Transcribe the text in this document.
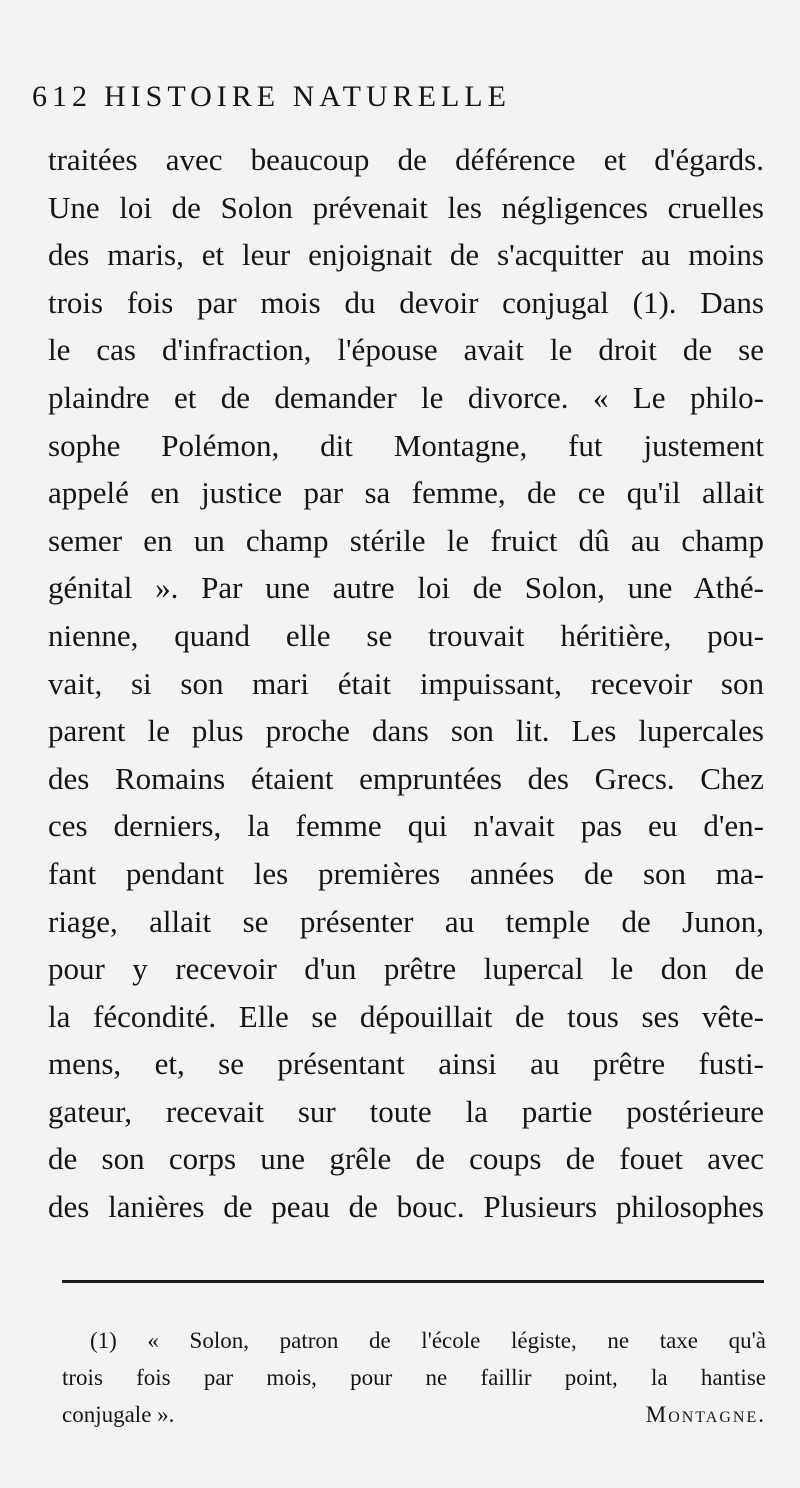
612 HISTOIRE NATURELLE
traitées avec beaucoup de déférence et d'égards.
Une loi de Solon prévenait les négligences cruelles
des maris, et leur enjoignait de s'acquitter au moins
trois fois par mois du devoir conjugal (1). Dans
le cas d'infraction, l'épouse avait le droit de se
plaindre et de demander le divorce. « Le philo-
sophe Polémon, dit Montagne, fut justement
appelé en justice par sa femme, de ce qu'il allait
semer en un champ stérile le fruict dû au champ
génital ». Par une autre loi de Solon, une Athé-
nienne, quand elle se trouvait héritière, pou-
vait, si son mari était impuissant, recevoir son
parent le plus proche dans son lit. Les lupercales
des Romains étaient empruntées des Grecs. Chez
ces derniers, la femme qui n'avait pas eu d'en-
fant pendant les premières années de son ma-
riage, allait se présenter au temple de Junon,
pour y recevoir d'un prêtre lupercal le don de
la fécondité. Elle se dépouillait de tous ses vête-
mens, et, se présentant ainsi au prêtre fusti-
gateur, recevait sur toute la partie postérieure
de son corps une grêle de coups de fouet avec
des lanières de peau de bouc. Plusieurs philosophes
(1) « Solon, patron de l'école légiste, ne taxe qu'à
trois fois par mois, pour ne faillir point, la hantise
conjugale ».	Montagne.
